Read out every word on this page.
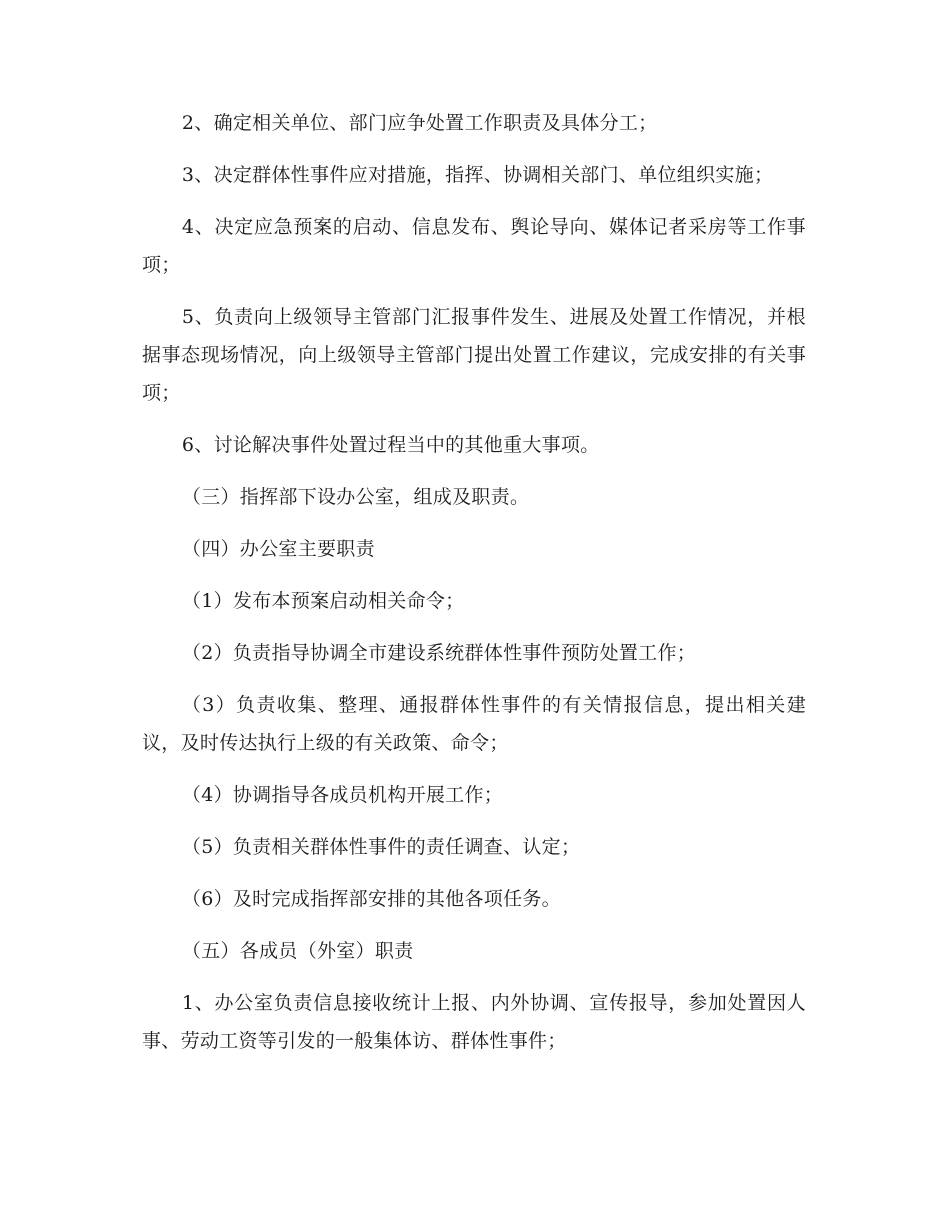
2、确定相关单位、部门应争处置工作职责及具体分工；

3、决定群体性事件应对措施，指挥、协调相关部门、单位组织实施；

4、决定应急预案的启动、信息发布、舆论导向、媒体记者采房等工作事项；

5、负责向上级领导主管部门汇报事件发生、进展及处置工作情况，并根据事态现场情况，向上级领导主管部门提出处置工作建议，完成安排的有关事项；

6、讨论解决事件处置过程当中的其他重大事项。

（三）指挥部下设办公室，组成及职责。

（四）办公室主要职责

（1）发布本预案启动相关命令；

（2）负责指导协调全市建设系统群体性事件预防处置工作；

（3）负责收集、整理、通报群体性事件的有关情报信息，提出相关建议，及时传达执行上级的有关政策、命令；

（4）协调指导各成员机构开展工作；

（5）负责相关群体性事件的责任调查、认定；

（6）及时完成指挥部安排的其他各项任务。

（五）各成员（外室）职责

1、办公室负责信息接收统计上报、内外协调、宣传报导，参加处置因人事、劳动工资等引发的一般集体访、群体性事件；
